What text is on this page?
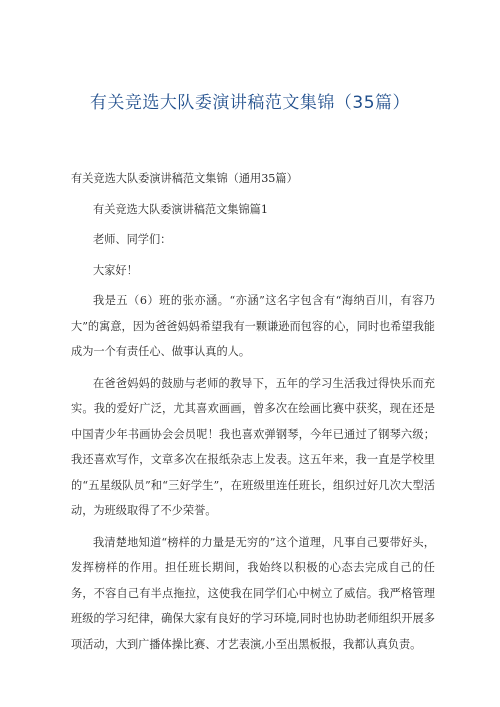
有关竞选大队委演讲稿范文集锦（35篇）

有关竞选大队委演讲稿范文集锦（通用35篇）

有关竞选大队委演讲稿范文集锦篇1

老师、同学们：

大家好！

我是五（6）班的张亦涵。“亦涵”这名字包含有“海纳百川，有容乃大”的寓意，因为爸爸妈妈希望我有一颗谦逊而包容的心，同时也希望我能成为一个有责任心、做事认真的人。

在爸爸妈妈的鼓励与老师的教导下，五年的学习生活我过得快乐而充实。我的爱好广泛，尤其喜欢画画，曾多次在绘画比赛中获奖，现在还是中国青少年书画协会会员呢！我也喜欢弹钢琴，今年已通过了钢琴六级；我还喜欢写作，文章多次在报纸杂志上发表。这五年来，我一直是学校里的“五星级队员”和“三好学生”，在班级里连任班长，组织过好几次大型活动，为班级取得了不少荣誉。

我清楚地知道“榜样的力量是无穷的”这个道理，凡事自己要带好头，发挥榜样的作用。担任班长期间，我始终以积极的心态去完成自己的任务，不容自己有半点拖拉，这使我在同学们心中树立了威信。我严格管理班级的学习纪律，确保大家有良好的学习环境,同时也协助老师组织开展多项活动，大到广播体操比赛、才艺表演,小至出黑板报，我都认真负责。
